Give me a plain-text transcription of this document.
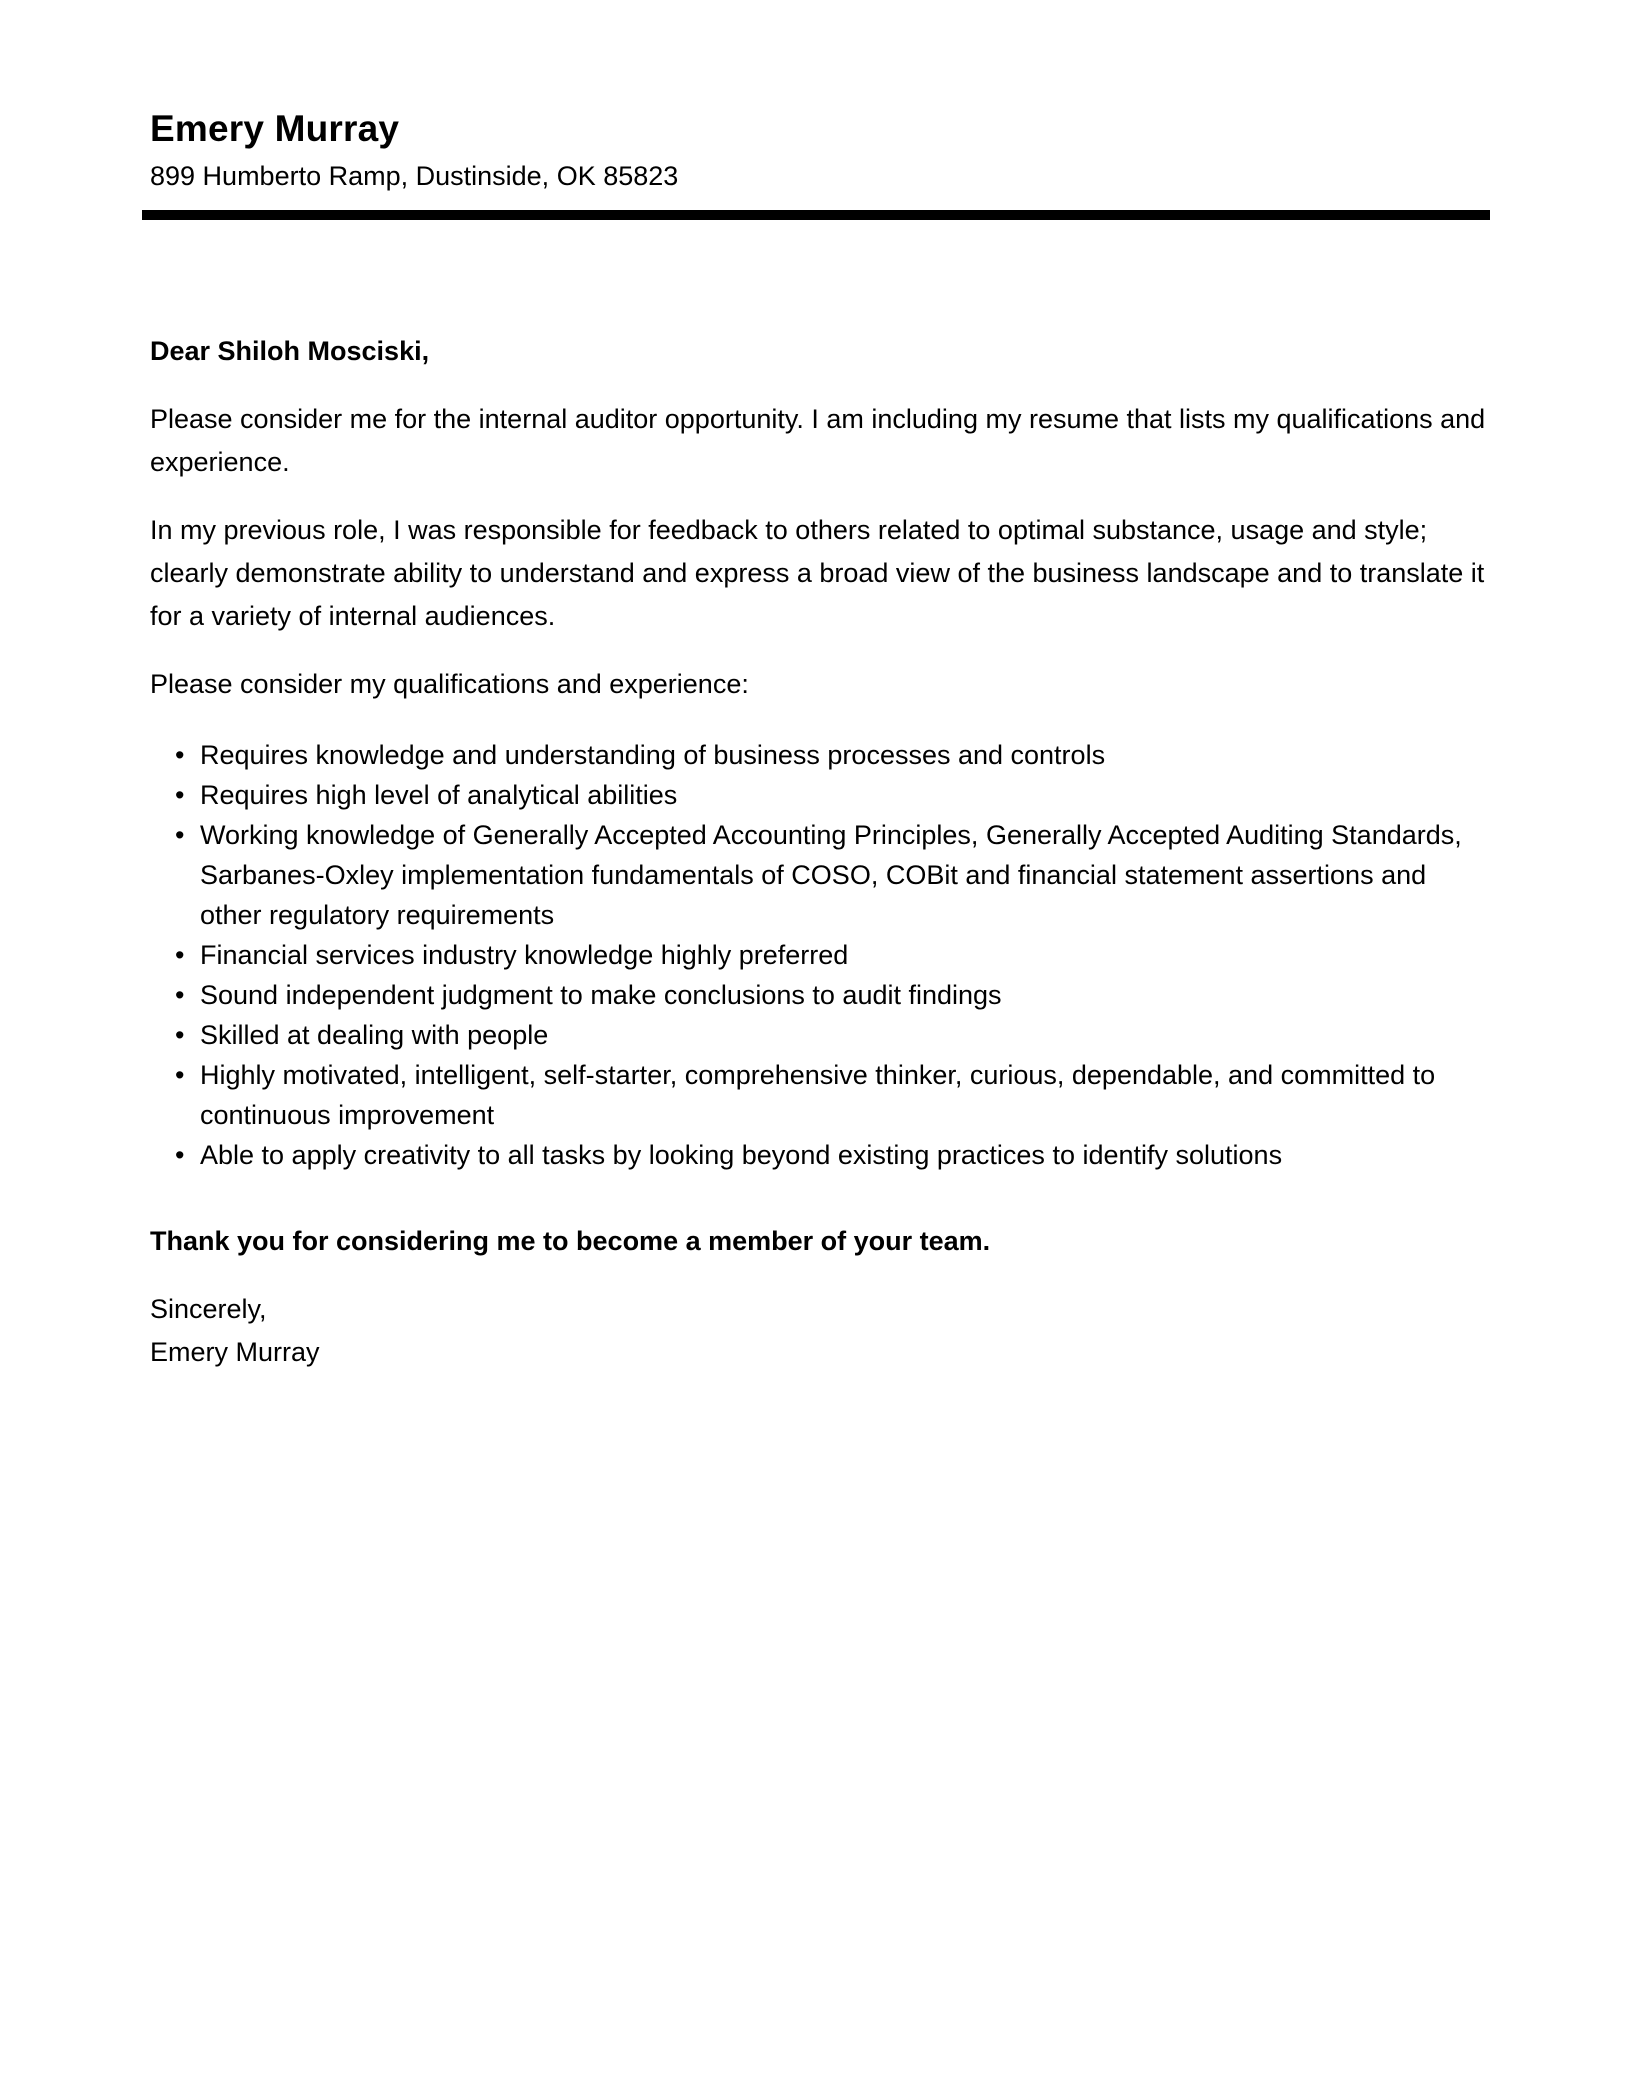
Emery Murray
899 Humberto Ramp, Dustinside, OK 85823

Dear Shiloh Mosciski,

Please consider me for the internal auditor opportunity. I am including my resume that lists my qualifications and experience.

In my previous role, I was responsible for feedback to others related to optimal substance, usage and style; clearly demonstrate ability to understand and express a broad view of the business landscape and to translate it for a variety of internal audiences.

Please consider my qualifications and experience:

• Requires knowledge and understanding of business processes and controls
• Requires high level of analytical abilities
• Working knowledge of Generally Accepted Accounting Principles, Generally Accepted Auditing Standards, Sarbanes-Oxley implementation fundamentals of COSO, COBit and financial statement assertions and other regulatory requirements
• Financial services industry knowledge highly preferred
• Sound independent judgment to make conclusions to audit findings
• Skilled at dealing with people
• Highly motivated, intelligent, self-starter, comprehensive thinker, curious, dependable, and committed to continuous improvement
• Able to apply creativity to all tasks by looking beyond existing practices to identify solutions

Thank you for considering me to become a member of your team.

Sincerely,
Emery Murray
